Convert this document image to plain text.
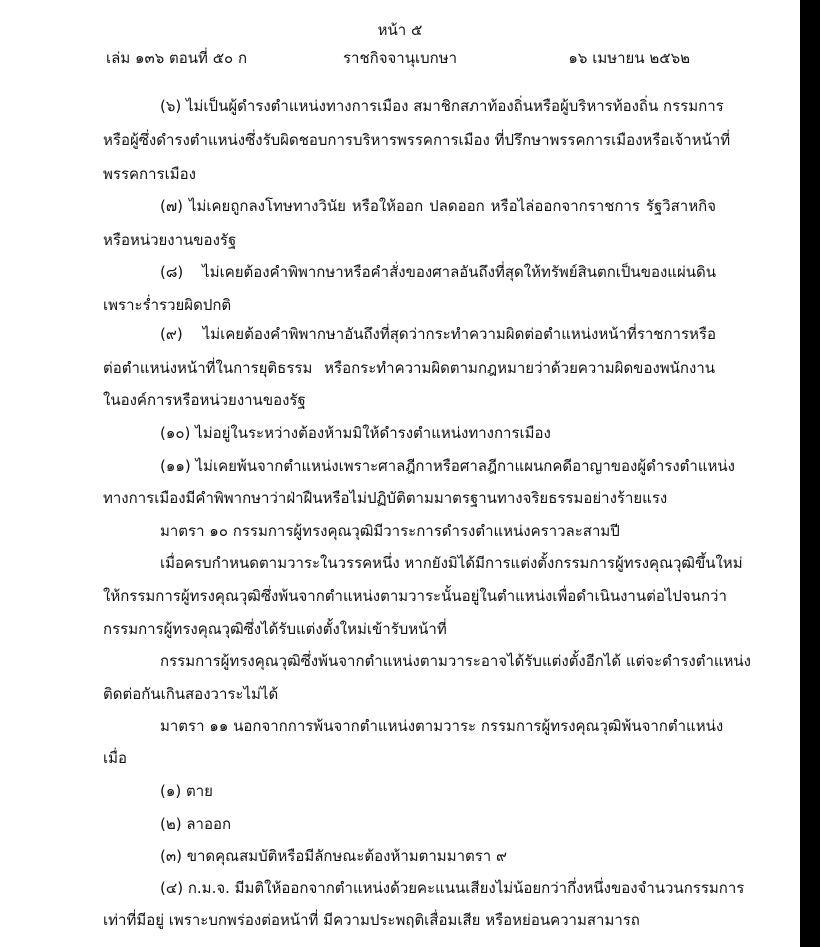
หน้า ๕
เล่ม ๑๓๖ ตอนที่ ๕๐ ก	ราชกิจจานุเบกษา	๑๖ เมษายน ๒๕๖๒
(๖) ไม่เป็นผู้ดำรงตำแหน่งทางการเมือง สมาชิกสภาท้องถิ่นหรือผู้บริหารท้องถิ่น กรรมการ
หรือผู้ซึ่งดำรงตำแหน่งซึ่งรับผิดชอบการบริหารพรรคการเมือง ที่ปรึกษาพรรคการเมืองหรือเจ้าหน้าที่
พรรคการเมือง
(๗) ไม่เคยถูกลงโทษทางวินัย หรือให้ออก ปลดออก หรือไล่ออกจากราชการ รัฐวิสาหกิจ
หรือหน่วยงานของรัฐ
(๘) ไม่เคยต้องคำพิพากษาหรือคำสั่งของศาลอันถึงที่สุดให้ทรัพย์สินตกเป็นของแผ่นดิน
เพราะร่ำรวยผิดปกติ
(๙) ไม่เคยต้องคำพิพากษาอันถึงที่สุดว่ากระทำความผิดต่อตำแหน่งหน้าที่ราชการหรือ
ต่อตำแหน่งหน้าที่ในการยุติธรรม หรือกระทำความผิดตามกฎหมายว่าด้วยความผิดของพนักงาน
ในองค์การหรือหน่วยงานของรัฐ
(๑๐) ไม่อยู่ในระหว่างต้องห้ามมิให้ดำรงตำแหน่งทางการเมือง
(๑๑) ไม่เคยพ้นจากตำแหน่งเพราะศาลฎีกาหรือศาลฎีกาแผนกคดีอาญาของผู้ดำรงตำแหน่ง
ทางการเมืองมีคำพิพากษาว่าฝ่าฝืนหรือไม่ปฏิบัติตามมาตรฐานทางจริยธรรมอย่างร้ายแรง
มาตรา ๑๐ กรรมการผู้ทรงคุณวุฒิมีวาระการดำรงตำแหน่งคราวละสามปี
เมื่อครบกำหนดตามวาระในวรรคหนึ่ง หากยังมิได้มีการแต่งตั้งกรรมการผู้ทรงคุณวุฒิขึ้นใหม่
ให้กรรมการผู้ทรงคุณวุฒิซึ่งพ้นจากตำแหน่งตามวาระนั้นอยู่ในตำแหน่งเพื่อดำเนินงานต่อไปจนกว่า
กรรมการผู้ทรงคุณวุฒิซึ่งได้รับแต่งตั้งใหม่เข้ารับหน้าที่
กรรมการผู้ทรงคุณวุฒิซึ่งพ้นจากตำแหน่งตามวาระอาจได้รับแต่งตั้งอีกได้ แต่จะดำรงตำแหน่ง
ติดต่อกันเกินสองวาระไม่ได้
มาตรา ๑๑ นอกจากการพ้นจากตำแหน่งตามวาระ กรรมการผู้ทรงคุณวุฒิพ้นจากตำแหน่ง
เมื่อ
(๑) ตาย
(๒) ลาออก
(๓) ขาดคุณสมบัติหรือมีลักษณะต้องห้ามตามมาตรา ๙
(๔) ก.ม.จ. มีมติให้ออกจากตำแหน่งด้วยคะแนนเสียงไม่น้อยกว่ากึ่งหนึ่งของจำนวนกรรมการ
เท่าที่มีอยู่ เพราะบกพร่องต่อหน้าที่ มีความประพฤติเสื่อมเสีย หรือหย่อนความสามารถ
